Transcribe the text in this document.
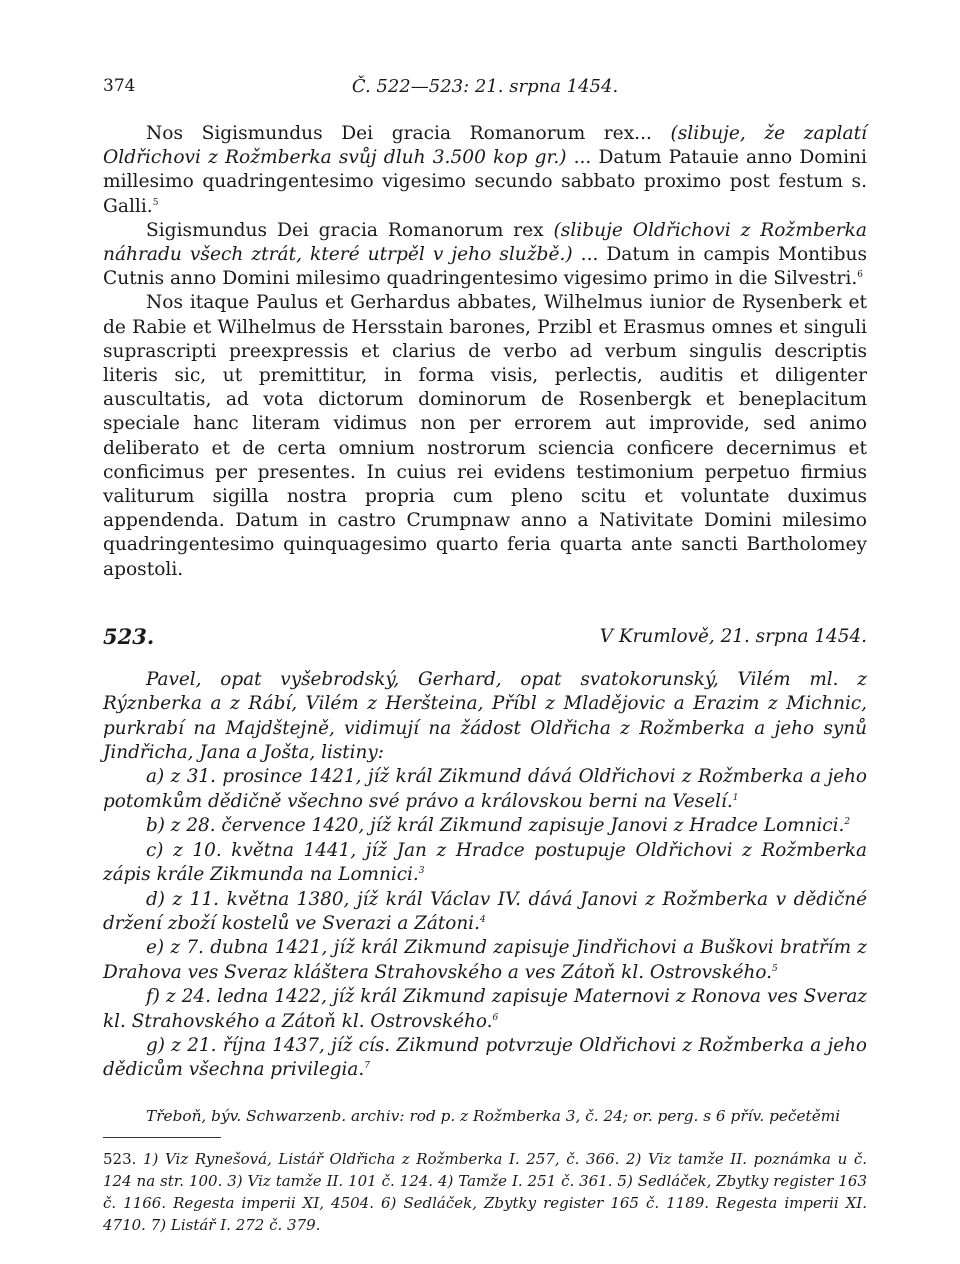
374	Č. 522—523: 21. srpna 1454.

Nos Sigismundus Dei gracia Romanorum rex... (slibuje, že zaplatí Oldřichovi z Rožmberka svůj dluh 3.500 kop gr.) ... Datum Patauie anno Domini millesimo quadringentesimo vigesimo secundo sabbato proximo post festum s. Galli.$^5$

Sigismundus Dei gracia Romanorum rex (slibuje Oldřichovi z Rožmberka náhradu všech ztrát, které utrpěl v jeho službě.) ... Datum in campis Montibus Cutnis anno Domini milesimo quadringentesimo vigesimo primo in die Silvestri.$^6$

Nos itaque Paulus et Gerhardus abbates, Wilhelmus iunior de Rysenberk et de Rabie et Wilhelmus de Hersstain barones, Przibl et Erasmus omnes et singuli suprascripti preexpressis et clarius de verbo ad verbum singulis descriptis literis sic, ut premittitur, in forma visis, perlectis, auditis et diligenter auscultatis, ad vota dictorum dominorum de Rosenbergk et beneplacitum speciale hanc literam vidimus non per errorem aut improvide, sed animo deliberato et de certa omnium nostrorum sciencia conficere decernimus et conficimus per presentes. In cuius rei evidens testimonium perpetuo firmius valiturum sigilla nostra propria cum pleno scitu et voluntate duximus appendenda. Datum in castro Crumpnaw anno a Nativitate Domini milesimo quadringentesimo quinquagesimo quarto feria quarta ante sancti Bartholomey apostoli.

523.	V Krumlově, 21. srpna 1454.

Pavel, opat vyšebrodský, Gerhard, opat svatokorunský, Vilém ml. z Rýznberka a z Rábí, Vilém z Heršteina, Příbl z Mladějovic a Erazim z Michnic, purkrabí na Majdštejně, vidimují na žádost Oldřicha z Rožmberka a jeho synů Jindřicha, Jana a Jošta, listiny:

a) z 31. prosince 1421, jíž král Zikmund dává Oldřichovi z Rožmberka a jeho potomkům dědičně všechno své právo a královskou berni na Veselí.$^1$

b) z 28. července 1420, jíž král Zikmund zapisuje Janovi z Hradce Lomnici.$^2$

c) z 10. května 1441, jíž Jan z Hradce postupuje Oldřichovi z Rožmberka zápis krále Zikmunda na Lomnici.$^3$

d) z 11. května 1380, jíž král Václav IV. dává Janovi z Rožmberka v dědičné držení zboží kostelů ve Sverazi a Zátoni.$^4$

e) z 7. dubna 1421, jíž král Zikmund zapisuje Jindřichovi a Buškovi bratřím z Drahova ves Sveraz kláštera Strahovského a ves Zátoň kl. Ostrovského.$^5$

f) z 24. ledna 1422, jíž král Zikmund zapisuje Maternovi z Ronova ves Sveraz kl. Strahovského a Zátoň kl. Ostrovského.$^6$

g) z 21. října 1437, jíž cís. Zikmund potvrzuje Oldřichovi z Rožmberka a jeho dědicům všechna privilegia.$^7$

Třeboň, býv. Schwarzenb. archiv: rod p. z Rožmberka 3, č. 24; or. perg. s 6 přív. pečetěmi
523. 1) Viz Rynešová, Listář Oldřicha z Rožmberka I. 257, č. 366. 2) Viz tamže II. poznámka u č. 124 na str. 100. 3) Viz tamže II. 101 č. 124. 4) Tamže I. 251 č. 361. 5) Sedláček, Zbytky register 163 č. 1166. Regesta imperii XI, 4504. 6) Sedláček, Zbytky register 165 č. 1189. Regesta imperii XI. 4710. 7) Listář I. 272 č. 379.
